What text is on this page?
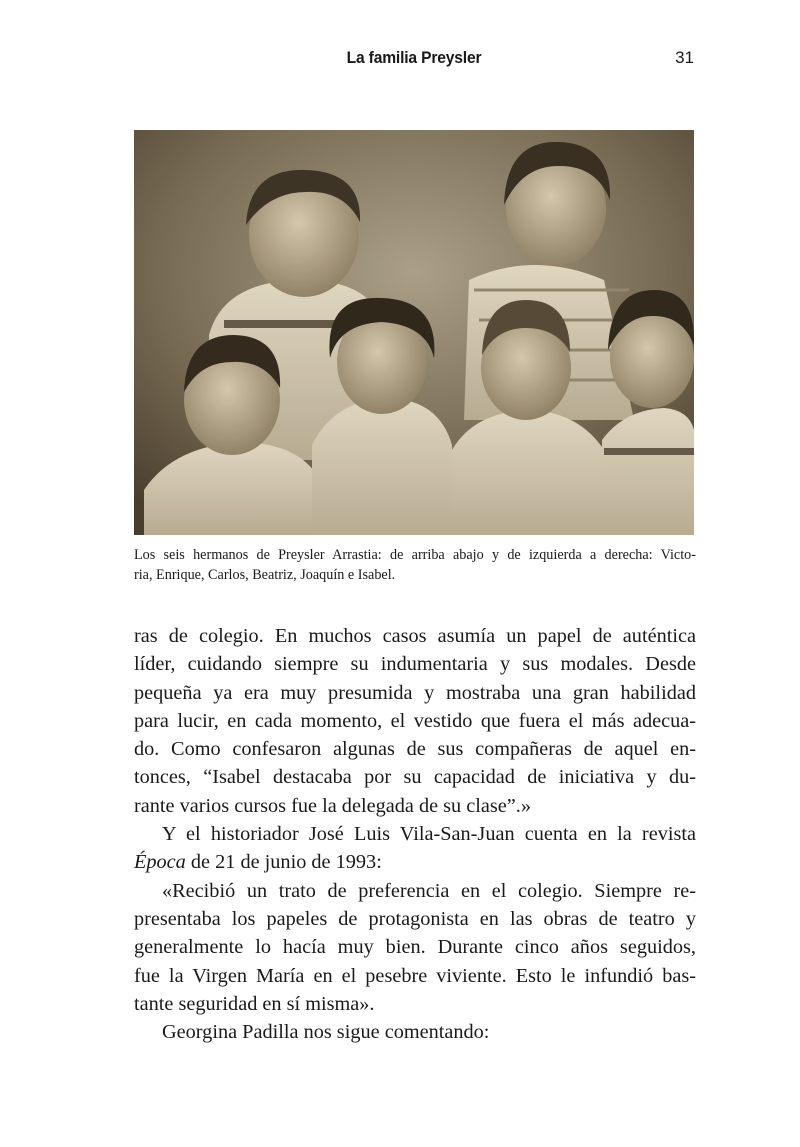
La familia Preysler	31
Los seis hermanos de Preysler Arrastia: de arriba abajo y de izquierda a derecha: Victo-
ria, Enrique, Carlos, Beatriz, Joaquín e Isabel.

ras de colegio. En muchos casos asumía un papel de auténtica
líder, cuidando siempre su indumentaria y sus modales. Desde
pequeña ya era muy presumida y mostraba una gran habilidad
para lucir, en cada momento, el vestido que fuera el más adecua-
do. Como confesaron algunas de sus compañeras de aquel en-
tonces, “Isabel destacaba por su capacidad de iniciativa y du-
rante varios cursos fue la delegada de su clase”.»

Y el historiador José Luis Vila-San-Juan cuenta en la revista
Época de 21 de junio de 1993:

«Recibió un trato de preferencia en el colegio. Siempre re-
presentaba los papeles de protagonista en las obras de teatro y
generalmente lo hacía muy bien. Durante cinco años seguidos,
fue la Virgen María en el pesebre viviente. Esto le infundió bas-
tante seguridad en sí misma».

Georgina Padilla nos sigue comentando:
